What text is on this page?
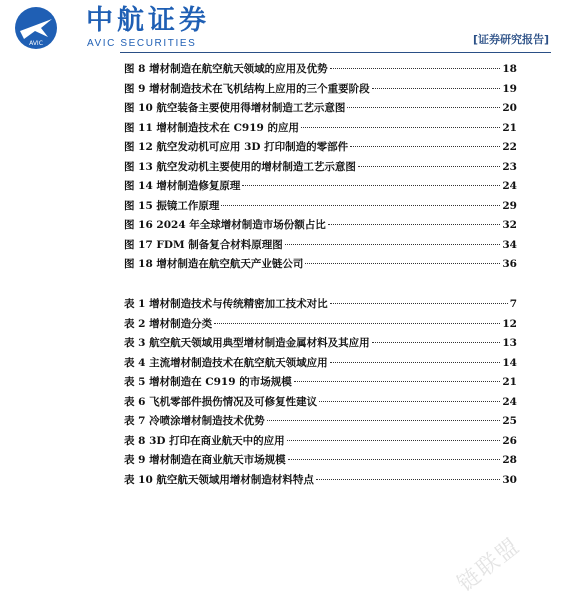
AVIC
中航证券
AVIC SECURITIES	[证券研究报告]
图 8 增材制造在航空航天领域的应用及优势	18
图 9 增材制造技术在飞机结构上应用的三个重要阶段	19
图 10 航空装备主要使用得增材制造工艺示意图	20
图 11 增材制造技术在 C919 的应用	21
图 12 航空发动机可应用 3D 打印制造的零部件	22
图 13 航空发动机主要使用的增材制造工艺示意图	23
图 14 增材制造修复原理	24
图 15 振镜工作原理	29
图 16 2024 年全球增材制造市场份额占比	32
图 17 FDM 制备复合材料原理图	34
图 18 增材制造在航空航天产业链公司	36
表 1 增材制造技术与传统精密加工技术对比	7
表 2 增材制造分类	12
表 3 航空航天领域用典型增材制造金属材料及其应用	13
表 4 主流增材制造技术在航空航天领域应用	14
表 5 增材制造在 C919 的市场规模	21
表 6 飞机零部件损伤情况及可修复性建议	24
表 7 冷喷涂增材制造技术优势	25
表 8 3D 打印在商业航天中的应用	26
表 9 增材制造在商业航天市场规模	28
表 10 航空航天领域用增材制造材料特点	30
链联盟
